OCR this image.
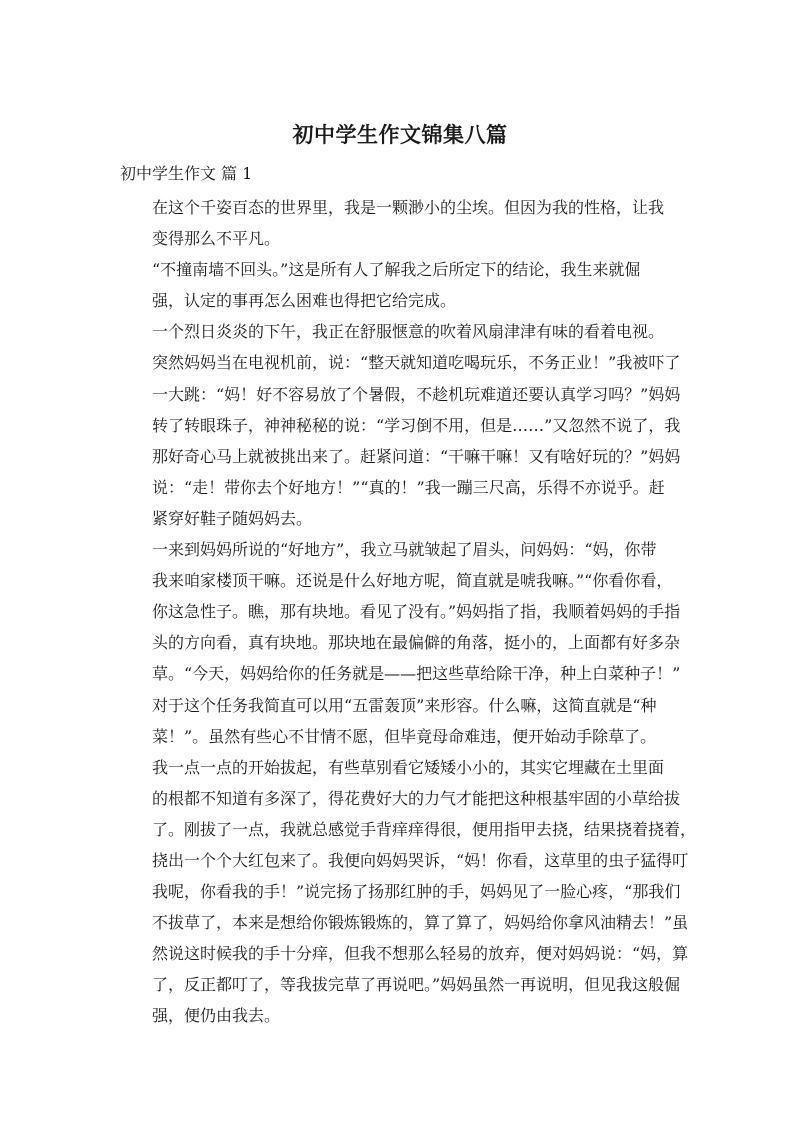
初中学生作文锦集八篇
初中学生作文 篇 1

在这个千姿百态的世界里，我是一颗渺小的尘埃。但因为我的性格，让我
变得那么不平凡。

“不撞南墙不回头。”这是所有人了解我之后所定下的结论，我生来就倔
强，认定的事再怎么困难也得把它给完成。

一个烈日炎炎的下午，我正在舒服惬意的吹着风扇津津有味的看着电视。
突然妈妈当在电视机前，说：“整天就知道吃喝玩乐，不务正业！”我被吓了
一大跳：“妈！好不容易放了个暑假，不趁机玩难道还要认真学习吗？”妈妈
转了转眼珠子，神神秘秘的说：“学习倒不用，但是……”又忽然不说了，我
那好奇心马上就被挑出来了。赶紧问道：“干嘛干嘛！又有啥好玩的？”妈妈
说：“走！带你去个好地方！”“真的！”我一蹦三尺高，乐得不亦说乎。赶
紧穿好鞋子随妈妈去。

一来到妈妈所说的“好地方”，我立马就皱起了眉头，问妈妈：“妈，你带
我来咱家楼顶干嘛。还说是什么好地方呢，简直就是唬我嘛。”“你看你看，
你这急性子。瞧，那有块地。看见了没有。”妈妈指了指，我顺着妈妈的手指
头的方向看，真有块地。那块地在最偏僻的角落，挺小的，上面都有好多杂
草。“今天，妈妈给你的任务就是——把这些草给除干净，种上白菜种子！”
对于这个任务我简直可以用“五雷轰顶”来形容。什么嘛，这简直就是“种
菜！”。虽然有些心不甘情不愿，但毕竟母命难违，便开始动手除草了。

我一点一点的开始拔起，有些草别看它矮矮小小的，其实它埋藏在土里面
的根都不知道有多深了，得花费好大的力气才能把这种根基牢固的小草给拔
了。刚拔了一点，我就总感觉手背痒痒得很，便用指甲去挠，结果挠着挠着，
挠出一个个大红包来了。我便向妈妈哭诉，“妈！你看，这草里的虫子猛得叮
我呢，你看我的手！”说完扬了扬那红肿的手，妈妈见了一脸心疼，“那我们
不拔草了，本来是想给你锻炼锻炼的，算了算了，妈妈给你拿风油精去！”虽
然说这时候我的手十分痒，但我不想那么轻易的放弃，便对妈妈说：“妈，算
了，反正都叮了，等我拔完草了再说吧。”妈妈虽然一再说明，但见我这般倔
强，便仍由我去。
